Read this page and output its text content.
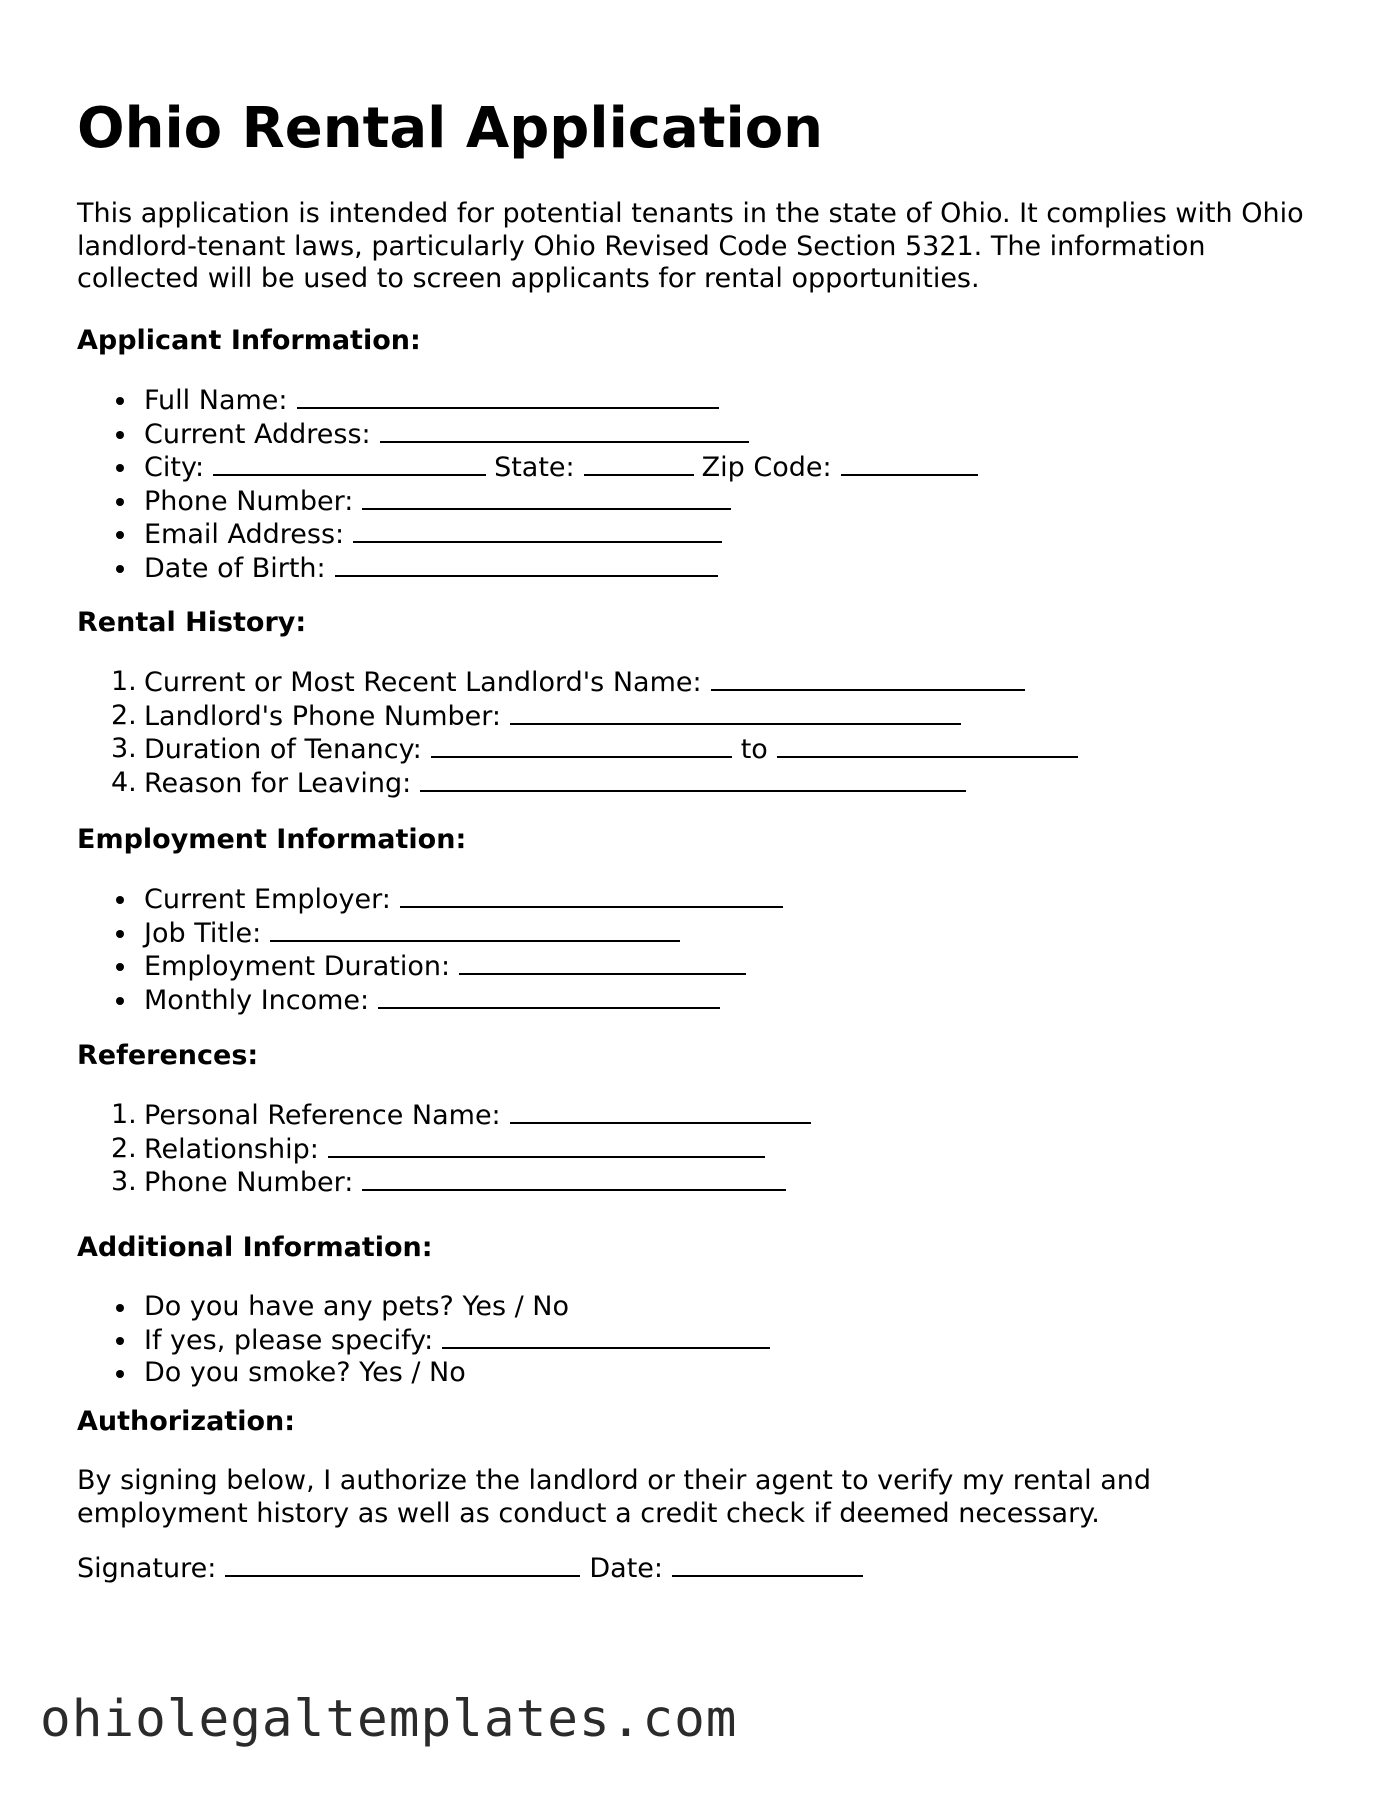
Ohio Rental Application

This application is intended for potential tenants in the state of Ohio. It complies with Ohio landlord-tenant laws, particularly Ohio Revised Code Section 5321. The information collected will be used to screen applicants for rental opportunities.

Applicant Information:
Full Name:
Current Address:
City:	State:	Zip Code:
Phone Number:
Email Address:
Date of Birth:
Rental History:
1. Current or Most Recent Landlord's Name:
2. Landlord's Phone Number:
3. Duration of Tenancy:	to
4. Reason for Leaving:
Employment Information:
Current Employer:
Job Title:
Employment Duration:
Monthly Income:
References:
1. Personal Reference Name:
2. Relationship:
3. Phone Number:
Additional Information:
Do you have any pets? Yes / No
If yes, please specify:
Do you smoke? Yes / No
Authorization:

By signing below, I authorize the landlord or their agent to verify my rental and employment history as well as conduct a credit check if deemed necessary.

Signature:	Date:

ohiolegaltemplates.com
